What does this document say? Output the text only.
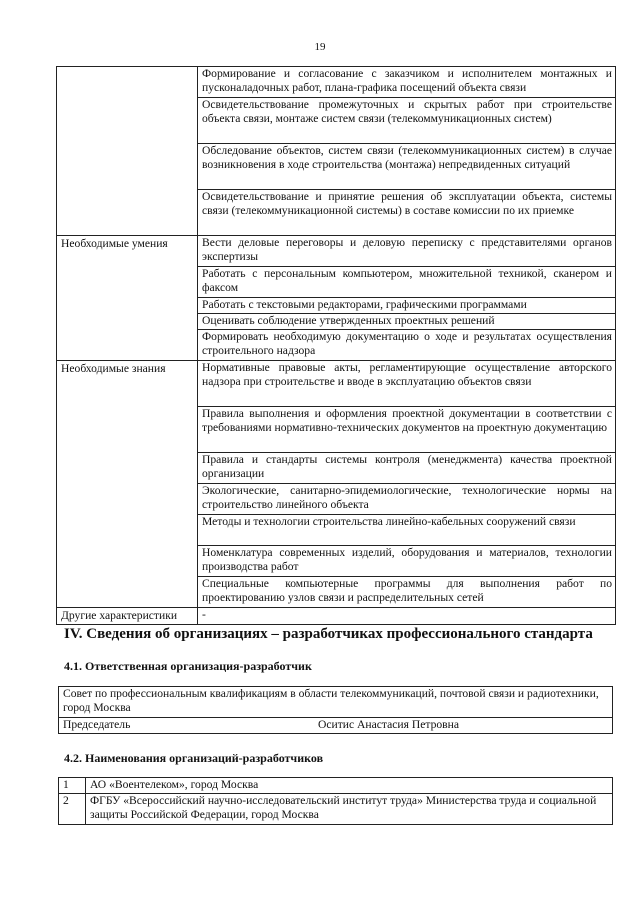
19
	Формирование и согласование с заказчиком и исполнителем монтажных и пусконаладочных работ, плана-графика посещений объекта связи
	Освидетельствование промежуточных и скрытых работ при строительстве объекта связи, монтаже систем связи (телекоммуникационных систем)
	Обследование объектов, систем связи (телекоммуникационных систем) в случае возникновения в ходе строительства (монтажа) непредвиденных ситуаций
	Освидетельствование и принятие решения об эксплуатации объекта, системы связи (телекоммуникационной системы) в составе комиссии по их приемке
Необходимые умения	Вести деловые переговоры и деловую переписку с представителями органов экспертизы
	Работать с персональным компьютером, множительной техникой, сканером и факсом
	Работать с текстовыми редакторами, графическими программами
	Оценивать соблюдение утвержденных проектных решений
	Формировать необходимую документацию о ходе и результатах осуществления строительного надзора
Необходимые знания	Нормативные правовые акты, регламентирующие осуществление авторского надзора при строительстве и вводе в эксплуатацию объектов связи
	Правила выполнения и оформления проектной документации в соответствии с требованиями нормативно-технических документов на проектную документацию
	Правила и стандарты системы контроля (менеджмента) качества проектной организации
	Экологические, санитарно-эпидемиологические, технологические нормы на строительство линейного объекта
	Методы и технологии строительства линейно-кабельных сооружений связи
	Номенклатура современных изделий, оборудования и материалов, технологии производства работ
	Специальные компьютерные программы для выполнения работ по проектированию узлов связи и распределительных сетей
Другие характеристики	-
IV. Сведения об организациях – разработчиках профессионального стандарта
4.1. Ответственная организация-разработчик
Совет по профессиональным квалификациям в области телекоммуникаций, почтовой связи и радиотехники, город Москва

Председатель	Оситис Анастасия Петровна
4.2. Наименования организаций-разработчиков
1	АО «Воентелеком», город Москва
2	ФГБУ «Всероссийский научно-исследовательский институт труда» Министерства труда и социальной защиты Российской Федерации, город Москва
